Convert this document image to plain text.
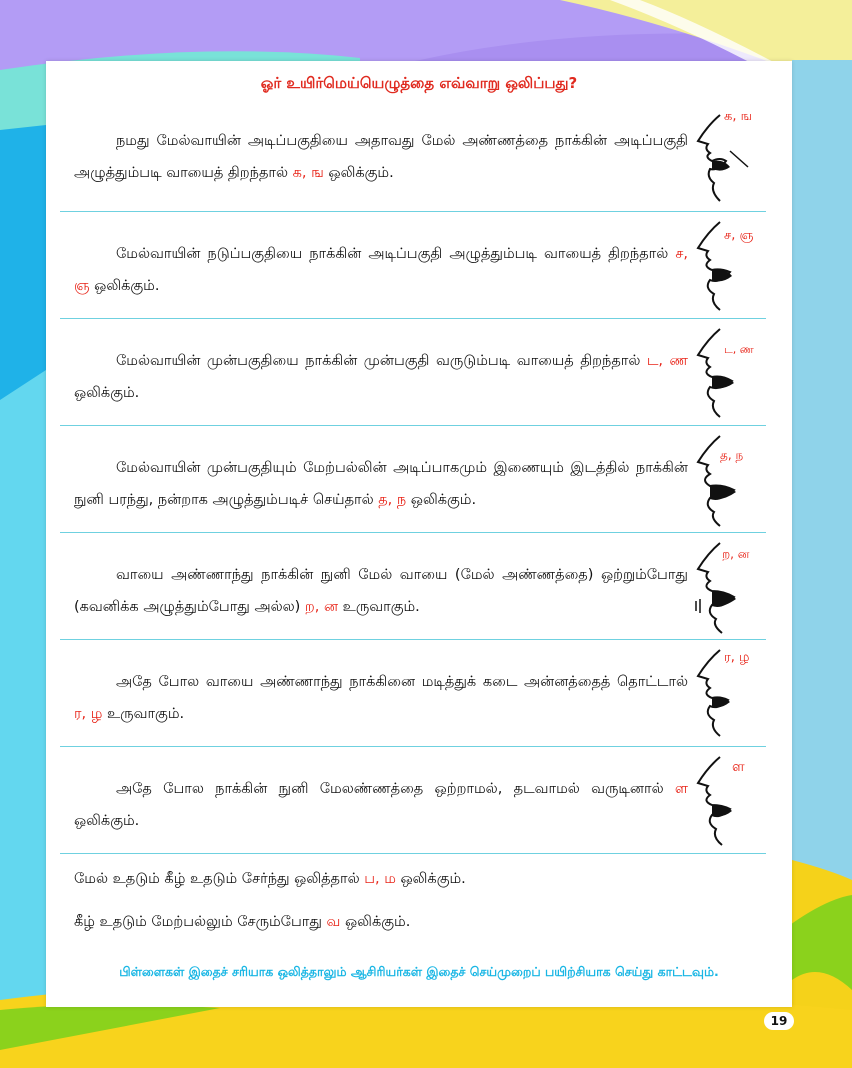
ஓர் உயிர்மெய்யெழுத்தை எவ்வாறு ஒலிப்பது?

நமது மேல்வாயின் அடிப்பகுதியை அதாவது மேல் அண்ணத்தை நாக்கின் அடிப்பகுதி அழுத்தும்படி வாயைத் திறந்தால் க, ங ஒலிக்கும்.

க, ங

மேல்வாயின் நடுப்பகுதியை நாக்கின் அடிப்பகுதி அழுத்தும்படி வாயைத் திறந்தால் ச, ஞ ஒலிக்கும்.

ச, ஞ

மேல்வாயின் முன்பகுதியை நாக்கின் முன்பகுதி வருடும்படி வாயைத் திறந்தால் ட, ண ஒலிக்கும்.

ட, ண

மேல்வாயின் முன்பகுதியும் மேற்பல்லின் அடிப்பாகமும் இணையும் இடத்தில் நாக்கின் நுனி பரந்து, நன்றாக அழுத்தும்படிச் செய்தால் த, ந ஒலிக்கும்.

த, ந

வாயை அண்ணாந்து நாக்கின் நுனி மேல் வாயை (மேல் அண்ணத்தை) ஒற்றும்போது (கவனிக்க அழுத்தும்போது அல்ல) ற, ன உருவாகும்.

ற, ன

அதே போல வாயை அண்ணாந்து நாக்கினை மடித்துக் கடை அன்னத்தைத் தொட்டால் ர, ழ உருவாகும்.

ர, ழ

அதே போல நாக்கின் நுனி மேலண்ணத்தை ஒற்றாமல், தடவாமல் வருடினால் ள ஒலிக்கும்.

ள
மேல் உதடும் கீழ் உதடும் சேர்ந்து ஒலித்தால் ப, ம ஒலிக்கும்.
கீழ் உதடும் மேற்பல்லும் சேரும்போது வ ஒலிக்கும்.
பிள்ளைகள் இதைச் சரியாக ஒலித்தாலும் ஆசிரியர்கள் இதைச் செய்முறைப் பயிற்சியாக செய்து காட்டவும்.
19
